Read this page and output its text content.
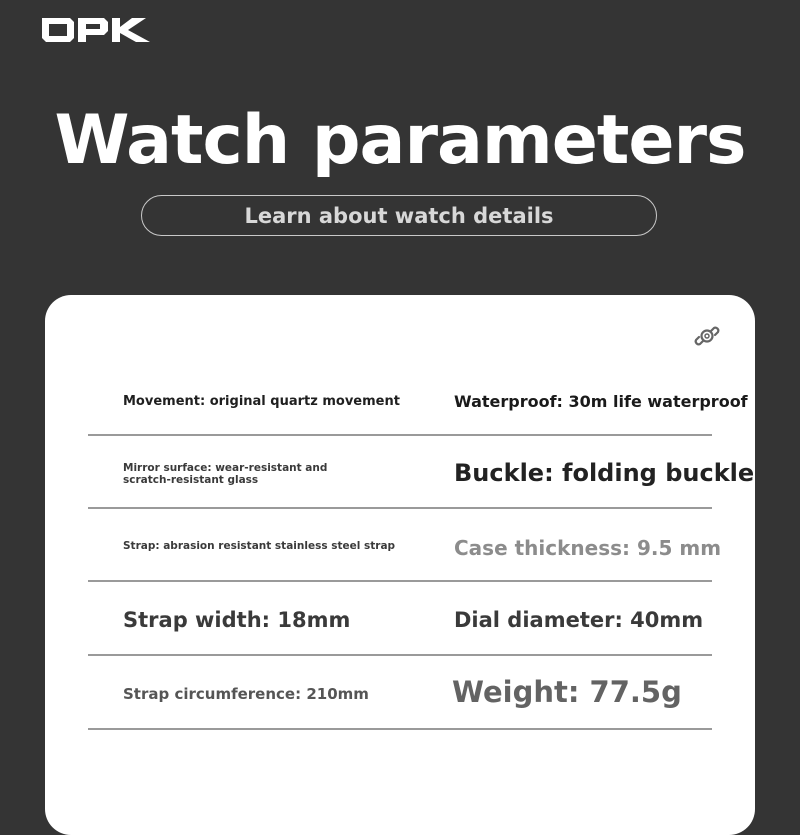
Watch parameters
Learn about watch details
Movement: original quartz movement	Waterproof: 30m life waterproof
Mirror surface: wear-resistant and
scratch-resistant glass	Buckle: folding buckle
Strap: abrasion resistant stainless steel strap	Case thickness: 9.5 mm
Strap width: 18mm	Dial diameter: 40mm
Strap circumference: 210mm	Weight: 77.5g
